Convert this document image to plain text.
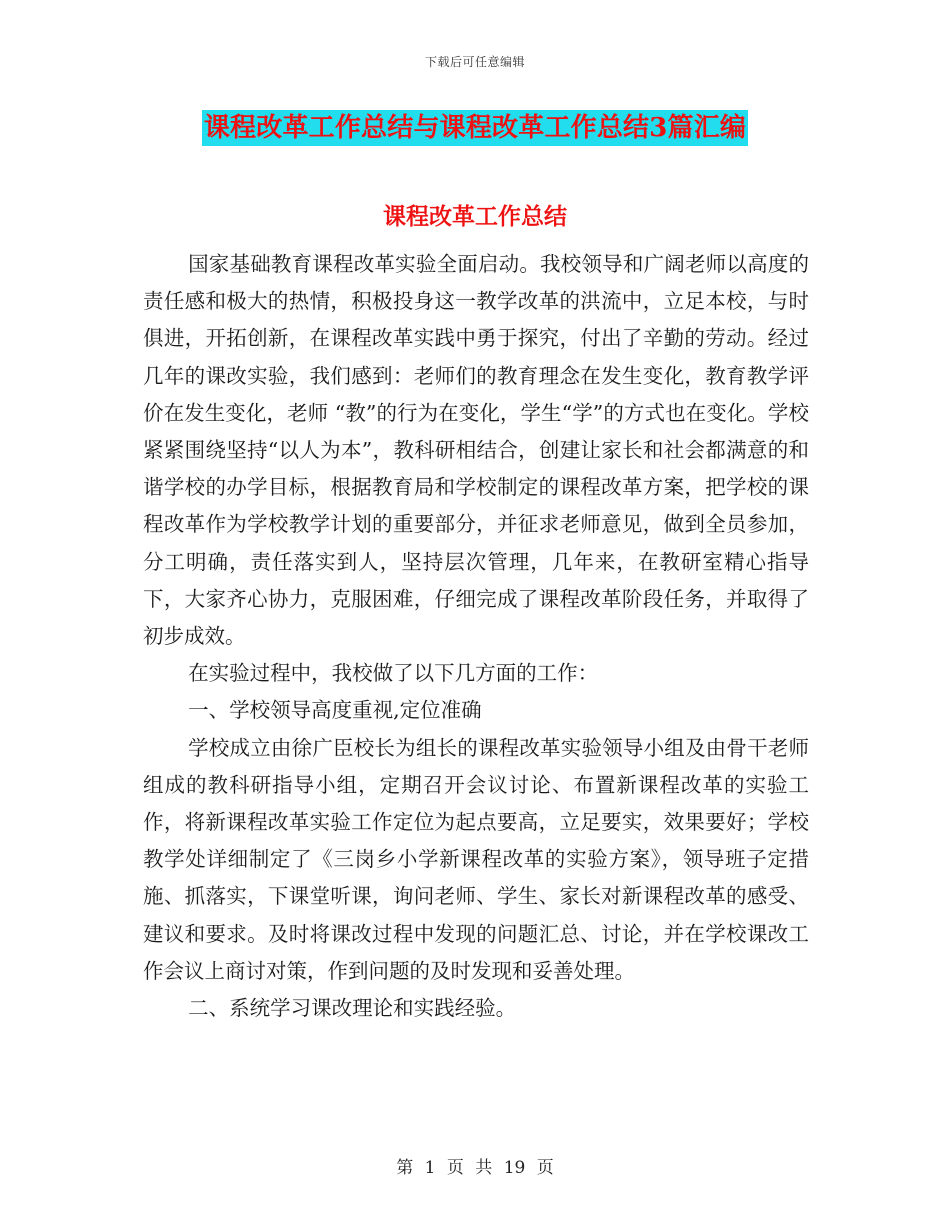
下载后可任意编辑
课程改革工作总结与课程改革工作总结3篇汇编
课程改革工作总结

国家基础教育课程改革实验全面启动。我校领导和广阔老师以高度的责任感和极大的热情，积极投身这一教学改革的洪流中，立足本校，与时俱进，开拓创新，在课程改革实践中勇于探究，付出了辛勤的劳动。经过几年的课改实验，我们感到：老师们的教育理念在发生变化，教育教学评价在发生变化，老师 “教”的行为在变化，学生“学”的方式也在变化。学校紧紧围绕坚持“以人为本”，教科研相结合，创建让家长和社会都满意的和谐学校的办学目标，根据教育局和学校制定的课程改革方案，把学校的课程改革作为学校教学计划的重要部分，并征求老师意见，做到全员参加，分工明确，责任落实到人，坚持层次管理，几年来，在教研室精心指导下，大家齐心协力，克服困难，仔细完成了课程改革阶段任务，并取得了初步成效。

在实验过程中，我校做了以下几方面的工作：

一、学校领导高度重视,定位准确

学校成立由徐广臣校长为组长的课程改革实验领导小组及由骨干老师组成的教科研指导小组，定期召开会议讨论、布置新课程改革的实验工作，将新课程改革实验工作定位为起点要高，立足要实，效果要好；学校教学处详细制定了《三岗乡小学新课程改革的实验方案》，领导班子定措施、抓落实，下课堂听课，询问老师、学生、家长对新课程改革的感受、建议和要求。及时将课改过程中发现的问题汇总、讨论，并在学校课改工作会议上商讨对策，作到问题的及时发现和妥善处理。

二、系统学习课改理论和实践经验。

第 1 页 共 19 页
